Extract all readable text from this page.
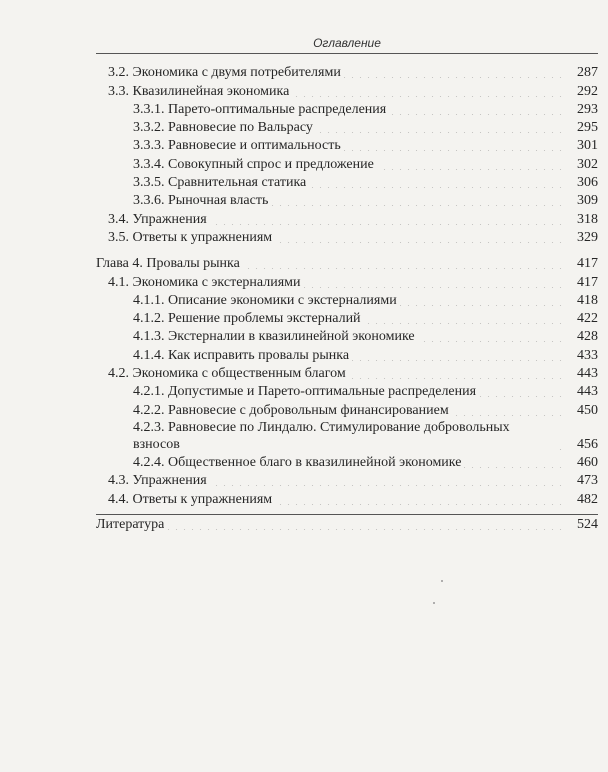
Оглавление
3.2. Экономика с двумя потребителями . . .	287
3.3. Квазилинейная экономика . . .	292
3.3.1. Парето-оптимальные распределения . . .	293
3.3.2. Равновесие по Вальрасу . . .	295
3.3.3. Равновесие и оптимальность . . .	301
3.3.4. Совокупный спрос и предложение . . .	302
3.3.5. Сравнительная статика . . .	306
3.3.6. Рыночная власть . . .	309
3.4. Упражнения . . .	318
3.5. Ответы к упражнениям . . .	329
Глава 4. Провалы рынка . . .	417
4.1. Экономика с экстерналиями . . .	417
4.1.1. Описание экономики с экстерналиями . . .	418
4.1.2. Решение проблемы экстерналий . . .	422
4.1.3. Экстерналии в квазилинейной экономике . . .	428
4.1.4. Как исправить провалы рынка . . .	433
4.2. Экономика с общественным благом . . .	443
4.2.1. Допустимые и Парето-оптимальные распределения . . .	443
4.2.2. Равновесие с добровольным финансированием . . .	450
4.2.3. Равновесие по Линдалю. Стимулирование добровольных взносов . . .	456
4.2.4. Общественное благо в квазилинейной экономике . . .	460
4.3. Упражнения . . .	473
4.4. Ответы к упражнениям . . .	482
Литература . . .	524
